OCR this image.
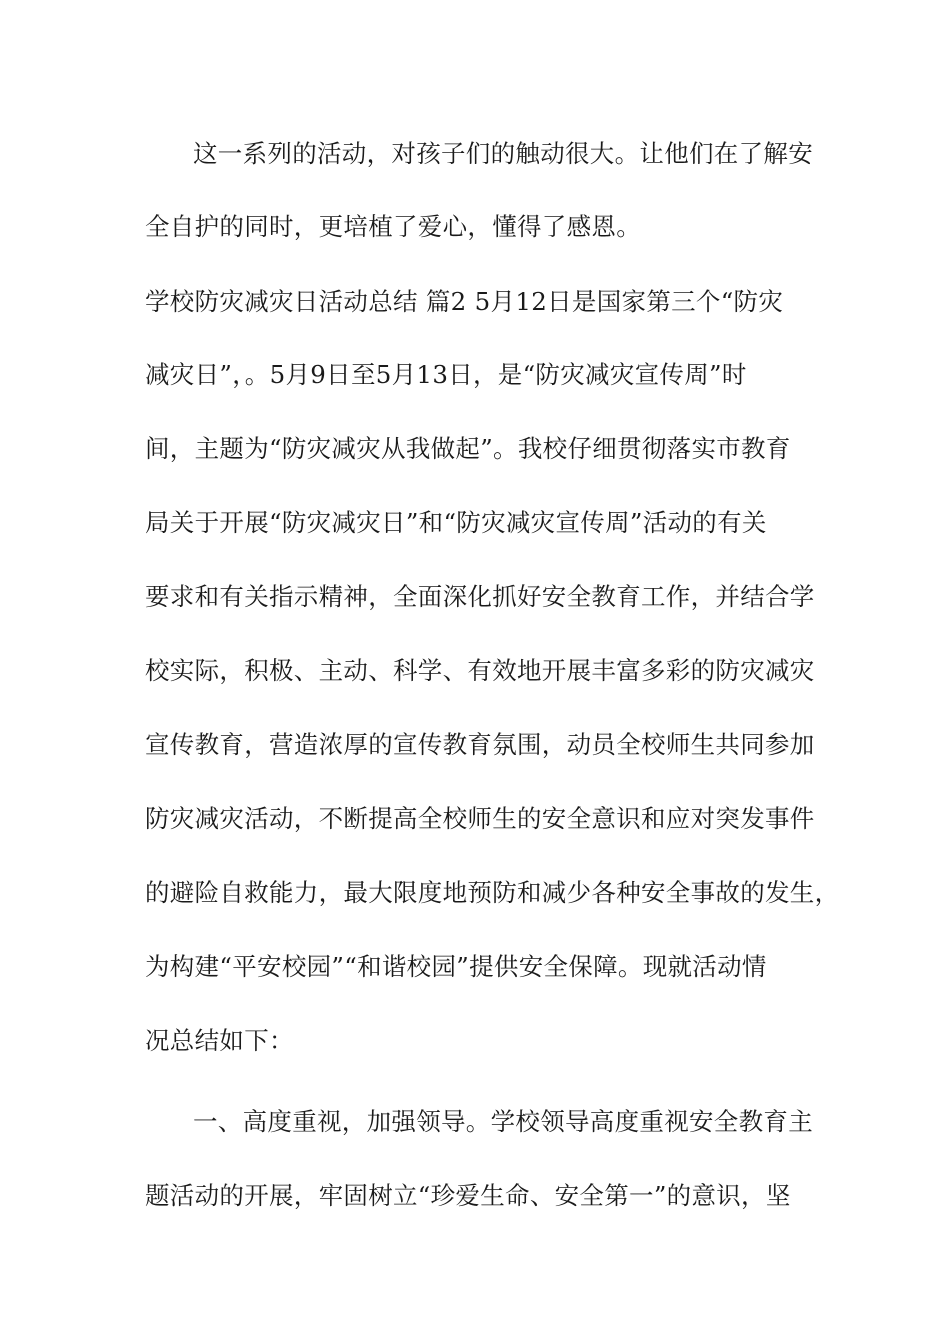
这一系列的活动，对孩子们的触动很大。让他们在了解安
全自护的同时，更培植了爱心，懂得了感恩。
学校防灾减灾日活动总结 篇2 5月12日是国家第三个“防灾
减灾日”，。5月9日至5月13日，是“防灾减灾宣传周”时
间，主题为“防灾减灾从我做起”。我校仔细贯彻落实市教育
局关于开展“防灾减灾日”和“防灾减灾宣传周”活动的有关
要求和有关指示精神，全面深化抓好安全教育工作，并结合学
校实际，积极、主动、科学、有效地开展丰富多彩的防灾减灾
宣传教育，营造浓厚的宣传教育氛围，动员全校师生共同参加
防灾减灾活动，不断提高全校师生的安全意识和应对突发事件
的避险自救能力，最大限度地预防和减少各种安全事故的发生，
为构建“平安校园”“和谐校园”提供安全保障。现就活动情
况总结如下：
一、高度重视，加强领导。学校领导高度重视安全教育主
题活动的开展，牢固树立“珍爱生命、安全第一”的意识，坚
